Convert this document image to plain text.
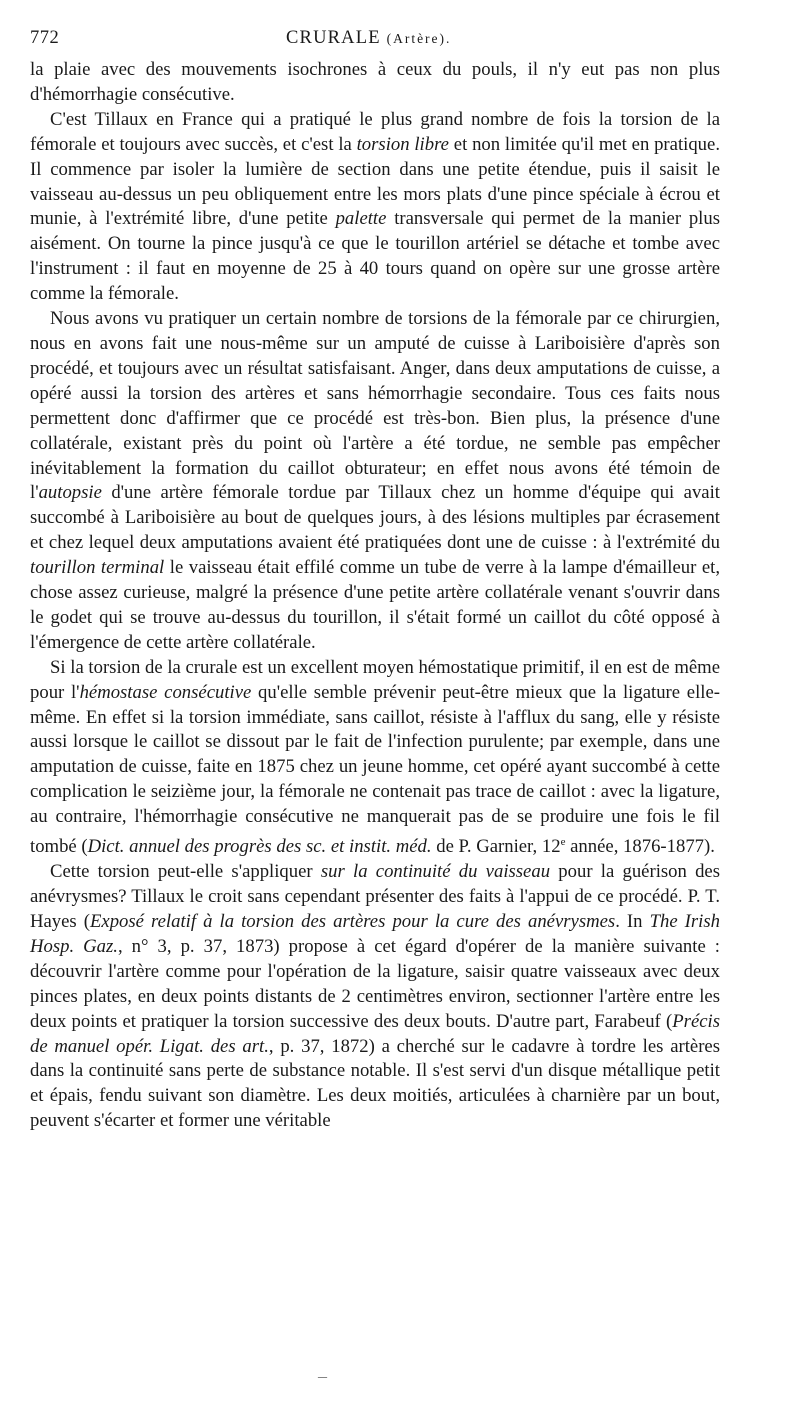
772	CRURALE (Artère).

la plaie avec des mouvements isochrones à ceux du pouls, il n'y eut pas non plus d'hémorrhagie consécutive.

C'est Tillaux en France qui a pratiqué le plus grand nombre de fois la torsion de la fémorale et toujours avec succès, et c'est la torsion libre et non limitée qu'il met en pratique. Il commence par isoler la lumière de section dans une petite étendue, puis il saisit le vaisseau au-dessus un peu obliquement entre les mors plats d'une pince spéciale à écrou et munie, à l'extrémité libre, d'une petite palette transversale qui permet de la manier plus aisément. On tourne la pince jusqu'à ce que le tourillon artériel se détache et tombe avec l'instrument : il faut en moyenne de 25 à 40 tours quand on opère sur une grosse artère comme la fémorale.

Nous avons vu pratiquer un certain nombre de torsions de la fémorale par ce chirurgien, nous en avons fait une nous-même sur un amputé de cuisse à Lariboisière d'après son procédé, et toujours avec un résultat satisfaisant. Anger, dans deux amputations de cuisse, a opéré aussi la torsion des artères et sans hémorrhagie secondaire. Tous ces faits nous permettent donc d'affirmer que ce procédé est très-bon. Bien plus, la présence d'une collatérale, existant près du point où l'artère a été tordue, ne semble pas empêcher inévitablement la formation du caillot obturateur; en effet nous avons été témoin de l'autopsie d'une artère fémorale tordue par Tillaux chez un homme d'équipe qui avait succombé à Lariboisière au bout de quelques jours, à des lésions multiples par écrasement et chez lequel deux amputations avaient été pratiquées dont une de cuisse : à l'extrémité du tourillon terminal le vaisseau était effilé comme un tube de verre à la lampe d'émailleur et, chose assez curieuse, malgré la présence d'une petite artère collatérale venant s'ouvrir dans le godet qui se trouve au-dessus du tourillon, il s'était formé un caillot du côté opposé à l'émergence de cette artère collatérale.

Si la torsion de la crurale est un excellent moyen hémostatique primitif, il en est de même pour l'hémostase consécutive qu'elle semble prévenir peut-être mieux que la ligature elle-même. En effet si la torsion immédiate, sans caillot, résiste à l'afflux du sang, elle y résiste aussi lorsque le caillot se dissout par le fait de l'infection purulente; par exemple, dans une amputation de cuisse, faite en 1875 chez un jeune homme, cet opéré ayant succombé à cette complication le seizième jour, la fémorale ne contenait pas trace de caillot : avec la ligature, au contraire, l'hémorrhagie consécutive ne manquerait pas de se produire une fois le fil tombé (Dict. annuel des progrès des sc. et instit. méd. de P. Garnier, 12e année, 1876-1877).

Cette torsion peut-elle s'appliquer sur la continuité du vaisseau pour la guérison des anévrysmes? Tillaux le croit sans cependant présenter des faits à l'appui de ce procédé. P. T. Hayes (Exposé relatif à la torsion des artères pour la cure des anévrysmes. In The Irish Hosp. Gaz., n° 3, p. 37, 1873) propose à cet égard d'opérer de la manière suivante : découvrir l'artère comme pour l'opération de la ligature, saisir quatre vaisseaux avec deux pinces plates, en deux points distants de 2 centimètres environ, sectionner l'artère entre les deux points et pratiquer la torsion successive des deux bouts. D'autre part, Farabeuf (Précis de manuel opér. Ligat. des art., p. 37, 1872) a cherché sur le cadavre à tordre les artères dans la continuité sans perte de substance notable. Il s'est servi d'un disque métallique petit et épais, fendu suivant son diamètre. Les deux moitiés, articulées à charnière par un bout, peuvent s'écarter et former une véritable

–
